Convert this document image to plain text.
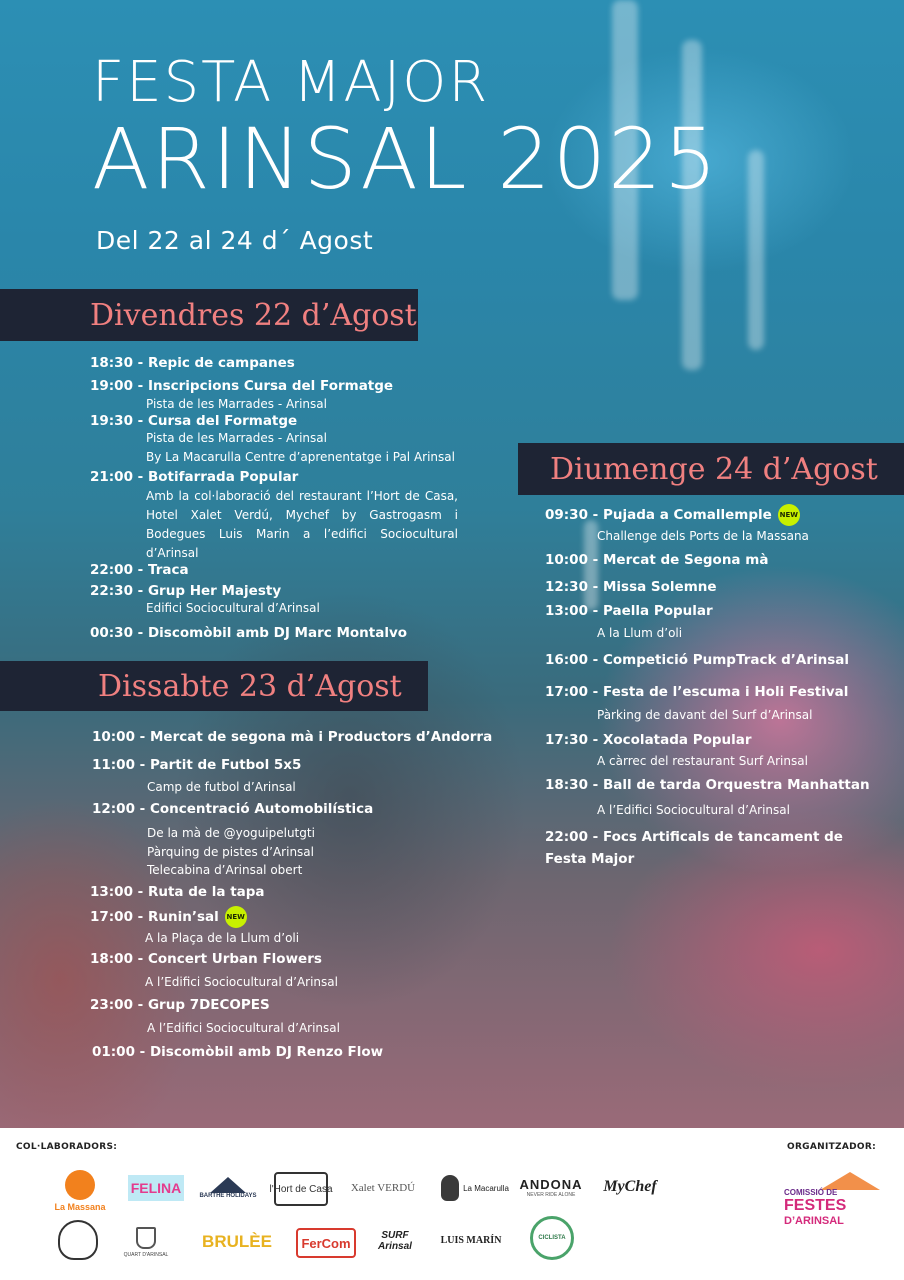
FESTA MAJOR
ARINSAL 2025
Del 22 al 24 d´ Agost
Divendres 22 d’Agost
Dissabte 23 d’Agost
Diumenge 24 d’Agost
18:30 - Repic de campanes
19:00 - Inscripcions Cursa del Formatge
Pista de les Marrades - Arinsal
19:30 - Cursa del Formatge
Pista de les Marrades - Arinsal
By La Macarulla Centre d’aprenentatge i Pal Arinsal
21:00 - Botifarrada Popular
Amb la col·laboració del restaurant l’Hort de Casa, Hotel Xalet Verdú, Mychef by Gastrogasm i Bodegues Luis Marin a l’edifici Sociocultural d’Arinsal
22:00 - Traca
22:30 - Grup Her Majesty
Edifici Sociocultural d’Arinsal
00:30 - Discomòbil amb DJ Marc Montalvo
10:00 - Mercat de segona mà i Productors d’Andorra
11:00 - Partit de Futbol 5x5
Camp de futbol d’Arinsal
12:00 - Concentració Automobilística
De la mà de @yoguipelutgti
Pàrquing de pistes d’Arinsal
Telecabina d’Arinsal obert
13:00 - Ruta de la tapa
17:00 - Runin’sal NEW
A la Plaça de la Llum d’oli
18:00 - Concert Urban Flowers
A l’Edifici Sociocultural d’Arinsal
23:00 - Grup 7DECOPES
A l’Edifici Sociocultural d’Arinsal
01:00 - Discomòbil amb DJ Renzo Flow
09:30 - Pujada a Comallemple NEW
Challenge dels Ports de la Massana
10:00 - Mercat de Segona mà
12:30 - Missa Solemne
13:00 - Paella Popular
A la Llum d’oli
16:00 - Competició PumpTrack d’Arinsal
17:00 - Festa de l’escuma i Holi Festival
Pàrking de davant del Surf d’Arinsal
17:30 - Xocolatada Popular
A càrrec del restaurant Surf Arinsal
18:30 - Ball de tarda Orquestra Manhattan
A l’Edifici Sociocultural d’Arinsal
22:00 - Focs Artificals de tancament de Festa Major
COL·LABORADORS:	ORGANITZADOR:
La Massana
FELINA	BARTHE HOLIDAYS
l'Hort de Casa	Xalet VERDÚ	La Macarulla ANDONA
NEVER RIDE ALONE MyChef
QUART D'ARINSAL
BRULÈE	FerCom	SURF Arinsal
LUIS MARÍN	CICLISTA
COMISSIÓ DE
FESTES
D’ARINSAL
